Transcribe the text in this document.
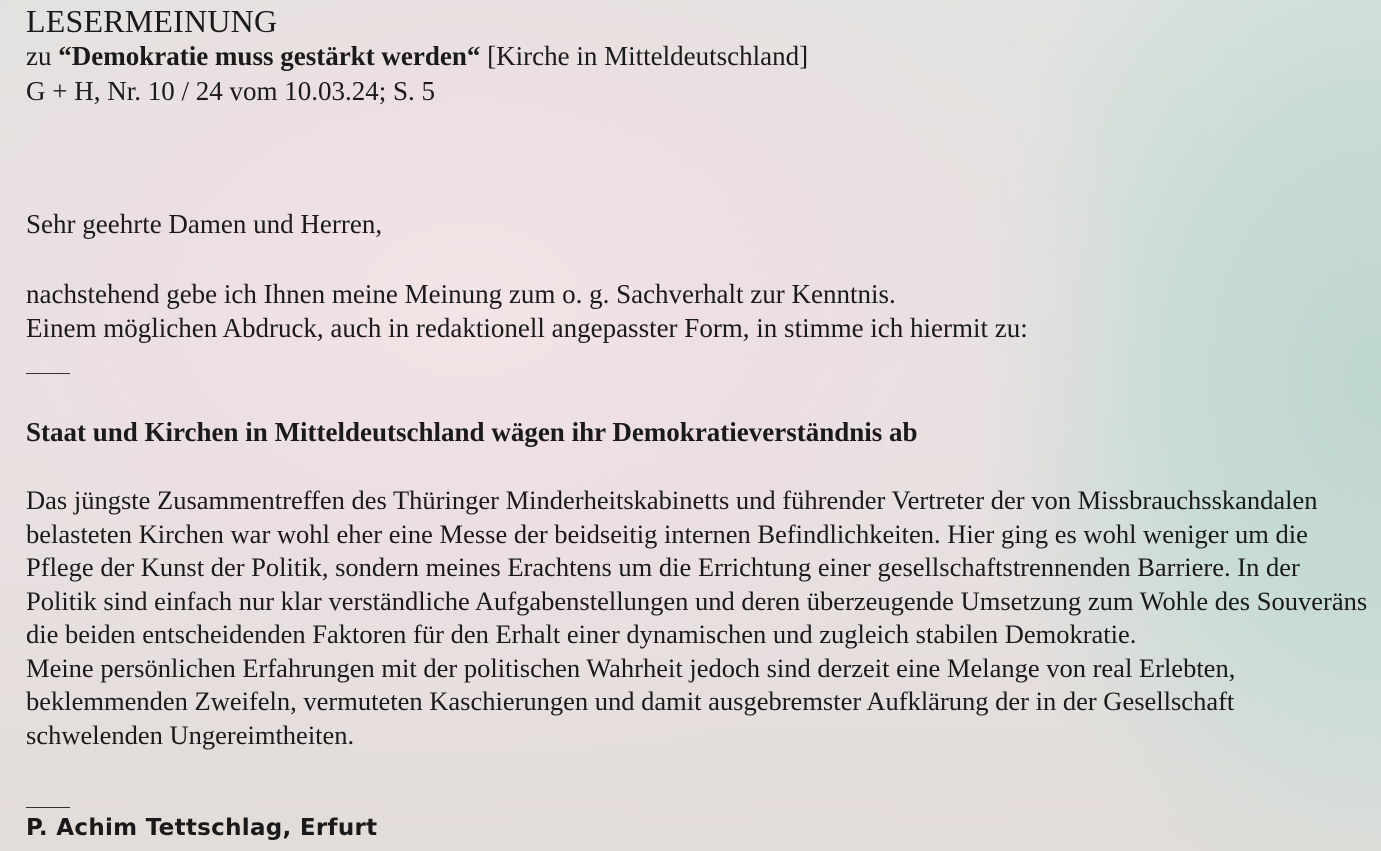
LESERMEINUNG
zu “Demokratie muss gestärkt werden“ [Kirche in Mitteldeutschland]
G + H, Nr. 10 / 24 vom 10.03.24; S. 5
Sehr geehrte Damen und Herren,
nachstehend gebe ich Ihnen meine Meinung zum o. g. Sachverhalt zur Kenntnis.
Einem möglichen Abdruck, auch in redaktionell angepasster Form, in stimme ich hiermit zu:
Staat und Kirchen in Mitteldeutschland wägen ihr Demokratieverständnis ab

Das jüngste Zusammentreffen des Thüringer Minderheitskabinetts und führender Vertreter der von Missbrauchsskandalen belasteten Kirchen war wohl eher eine Messe der beidseitig internen Befindlichkeiten. Hier ging es wohl weniger um die Pflege der Kunst der Politik, sondern meines Erachtens um die Errichtung einer gesellschaftstrennenden Barriere. In der Politik sind einfach nur klar verständliche Aufgabenstellungen und deren überzeugende Umsetzung zum Wohle des Souveräns die beiden entscheidenden Faktoren für den Erhalt einer dynamischen und zugleich stabilen Demokratie.

Meine persönlichen Erfahrungen mit der politischen Wahrheit jedoch sind derzeit eine Melange von real Erlebten, beklemmenden Zweifeln, vermuteten Kaschierungen und damit ausgebremster Aufklärung der in der Gesellschaft schwelenden Ungereimtheiten.

P. Achim Tettschlag, Erfurt
